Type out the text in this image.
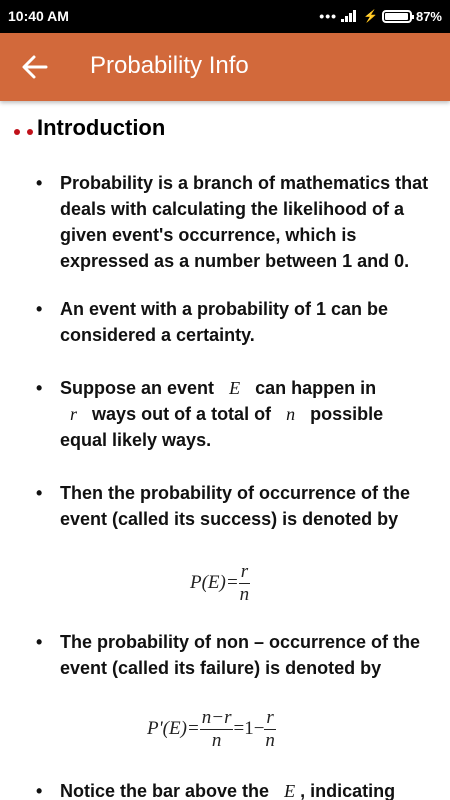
10:40 AM	••• ⚡	87%
Probability Info
Introduction
• Probability is a branch of mathematics that deals with calculating the likelihood of a given event's occurrence, which is expressed as a number between 1 and 0.
• An event with a probability of 1 can be considered a certainty.
• Suppose an event E can happen in
r ways out of a total of n possible equal likely ways.
• Then the probability of occurrence of the event (called its success) is denoted by
$P(E)= \frac{r}{n}$
• The probability of non – occurrence of the event (called its failure) is denoted by
$P'(E)= \frac{n-r}{n} =1- \frac{r}{n}$
• Notice the bar above the E , indicating
